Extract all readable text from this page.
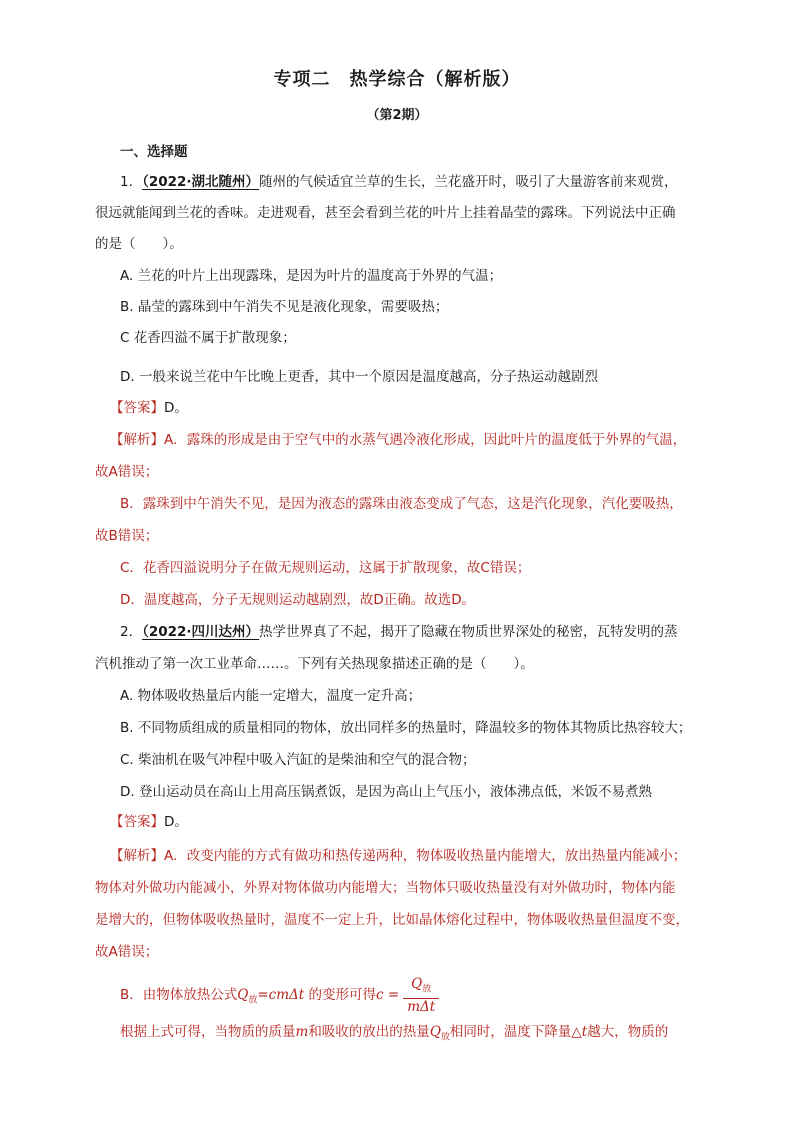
专项二　热学综合（解析版）
（第2期）
一、选择题
1．（2022·湖北随州）随州的气候适宜兰草的生长，兰花盛开时，吸引了大量游客前来观赏，
很远就能闻到兰花的香味。走进观看，甚至会看到兰花的叶片上挂着晶莹的露珠。下列说法中正确
的是（　　）。
A. 兰花的叶片上出现露珠，是因为叶片的温度高于外界的气温；
B. 晶莹的露珠到中午消失不见是液化现象，需要吸热；
C 花香四溢不属于扩散现象；
D. 一般来说兰花中午比晚上更香，其中一个原因是温度越高，分子热运动越剧烈
【答案】D。
【解析】A．露珠的形成是由于空气中的水蒸气遇冷液化形成，因此叶片的温度低于外界的气温，
故A错误；
B．露珠到中午消失不见，是因为液态的露珠由液态变成了气态，这是汽化现象，汽化要吸热，
故B错误；
C．花香四溢说明分子在做无规则运动，这属于扩散现象，故C错误；
D．温度越高，分子无规则运动越剧烈，故D正确。故选D。
2．（2022·四川达州）热学世界真了不起，揭开了隐藏在物质世界深处的秘密，瓦特发明的蒸
汽机推动了第一次工业革命……。下列有关热现象描述正确的是（　　）。
A. 物体吸收热量后内能一定增大，温度一定升高；
B. 不同物质组成的质量相同的物体，放出同样多的热量时，降温较多的物体其物质比热容较大；
C. 柴油机在吸气冲程中吸入汽缸的是柴油和空气的混合物；
D. 登山运动员在高山上用高压锅煮饭，是因为高山上气压小，液体沸点低，米饭不易煮熟
【答案】D。
【解析】A．改变内能的方式有做功和热传递两种，物体吸收热量内能增大，放出热量内能减小；
物体对外做功内能减小，外界对物体做功内能增大；当物体只吸收热量没有对外做功时，物体内能
是增大的，但物体吸收热量时，温度不一定上升，比如晶体熔化过程中，物体吸收热量但温度不变，
故A错误；
B．由物体放热公式$Q_放=cm\Delta t$ 的变形可得$c = \frac{Q_放}{\text{mΔt}}$
根据上式可得，当物质的质量m和吸收的放出的热量$Q_放$相同时，温度下降量△t越大，物质的
